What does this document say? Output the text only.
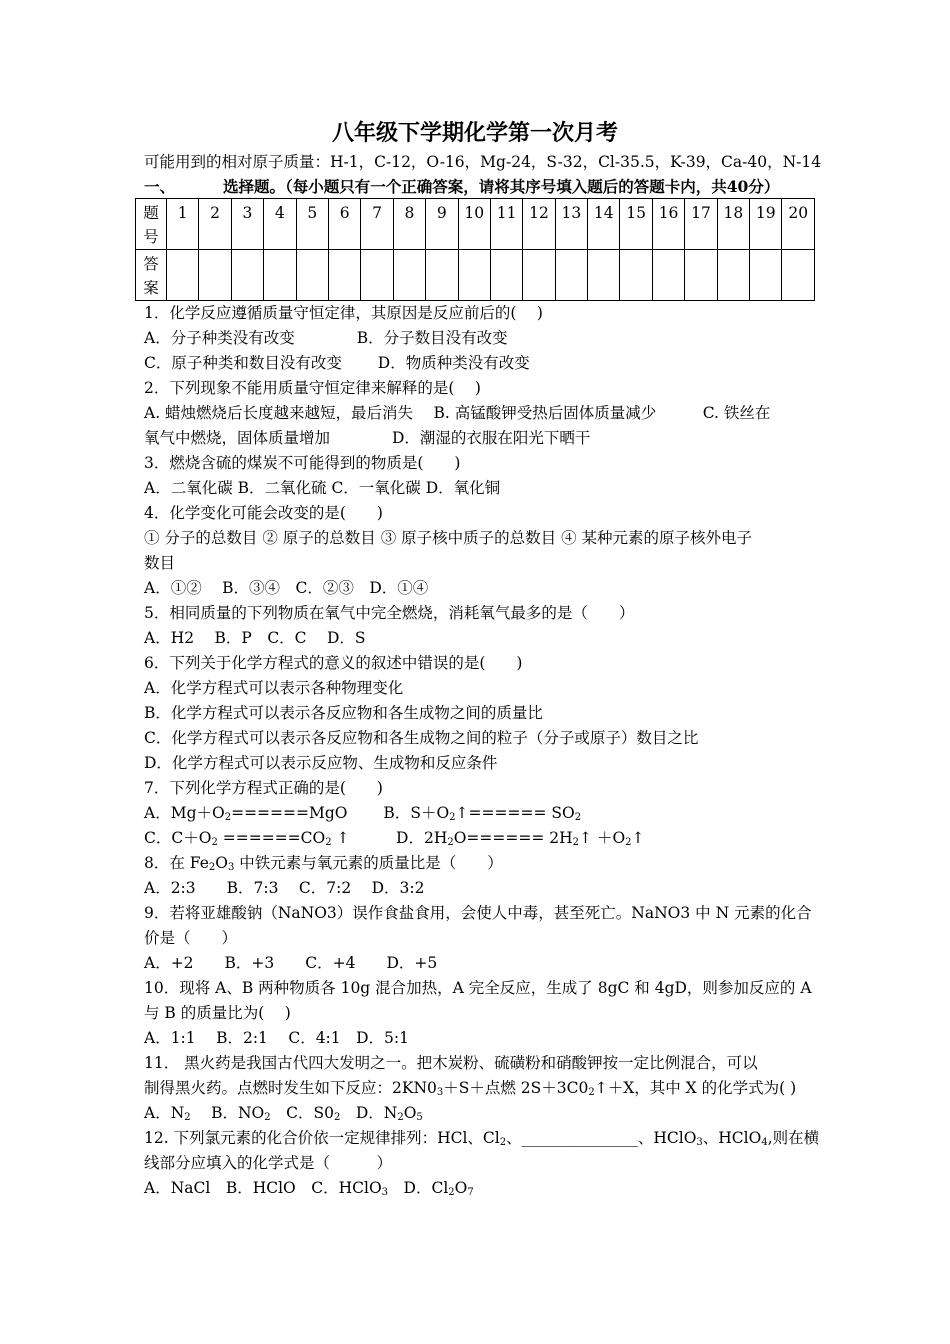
八年级下学期化学第一次月考
可能用到的相对原子质量：H-1，C-12，O-16，Mg-24，S-32，Cl-35.5，K-39，Ca-40，N-14
一、	选择题。（每小题只有一个正确答案，请将其序号填入题后的答题卡内，共40分）
题
号	1	2	3	4	5	6	7	8	9	10	11	12	13	14	15	16	17	18	19	20
答
案																				
1．化学反应遵循质量守恒定律，其原因是反应前后的(　 )
A．分子种类没有改变　　　　B．分子数目没有改变
C．原子种类和数目没有改变　　 D．物质种类没有改变
2．下列现象不能用质量守恒定律来解释的是(　 )
A. 蜡烛燃烧后长度越来越短，最后消失　 B. 高锰酸钾受热后固体质量减少　　　C. 铁丝在
氧气中燃烧，固体质量增加　　　　D．潮湿的衣服在阳光下晒干
3．燃烧含硫的煤炭不可能得到的物质是(　　)
A．二氧化碳 B．二氧化硫 C．一氧化碳 D．氧化铜
4．化学变化可能会改变的是(　　)
① 分子的总数目 ② 原子的总数目 ③ 原子核中质子的总数目 ④ 某种元素的原子核外电子
数目
A．①②　 B．③④　C．②③　D．①④
5．相同质量的下列物质在氧气中完全燃烧，消耗氧气最多的是（　　）
A．H2　 B．P　C．C　 D．S
6．下列关于化学方程式的意义的叙述中错误的是(　　)
A．化学方程式可以表示各种物理变化
B．化学方程式可以表示各反应物和各生成物之间的质量比
C．化学方程式可以表示各反应物和各生成物之间的粒子（分子或原子）数目之比
D．化学方程式可以表示反应物、生成物和反应条件
7．下列化学方程式正确的是(　　)
A．$Mg+O_2======MgO$　　 B．$S+O_2↑====== SO_2$
C．$C+O_2 ======CO_2$ ↑　　　D．$2H_2O======$ $2H_2↑$ $+O_2↑$
8．在 $Fe_2O_3$ 中铁元素与氧元素的质量比是（　　）
A．2:3　　B．7:3　 C．7:2　 D．3:2
9．若将亚雄酸钠（NaNO3）误作食盐食用，会使人中毒，甚至死亡。NaNO3 中 N 元素的化合
价是（　　）
A．+2　　B．+3　　C．+4　　D．+5
10．现将 A、B 两种物质各 10g 混合加热，A 完全反应，生成了 8gC 和 4gD，则参加反应的 A
与 B 的质量比为(　 )
A．1:1　 B．2:1　 C．4:1　D．5:1
11． 黑火药是我国古代四大发明之一。把木炭粉、硫磺粉和硝酸钾按一定比例混合，可以
制得黑火药。点燃时发生如下反应：$2KN0_3+S+$点燃 $2S+3C0_2↑+X$，其中 X 的化学式为( )
A．$N_2$　 B．$NO_2$　C．$S0_2$　D．$N_2O_5$
12. 下列氯元素的化合价依一定规律排列：HCl、$Cl_2$、_______________、HClO$_3$、HClO$_4$,则在横
线部分应填入的化学式是（　　　）
A．NaCl　B．HClO　C．HClO$_3$　D．$Cl_2O_7$
